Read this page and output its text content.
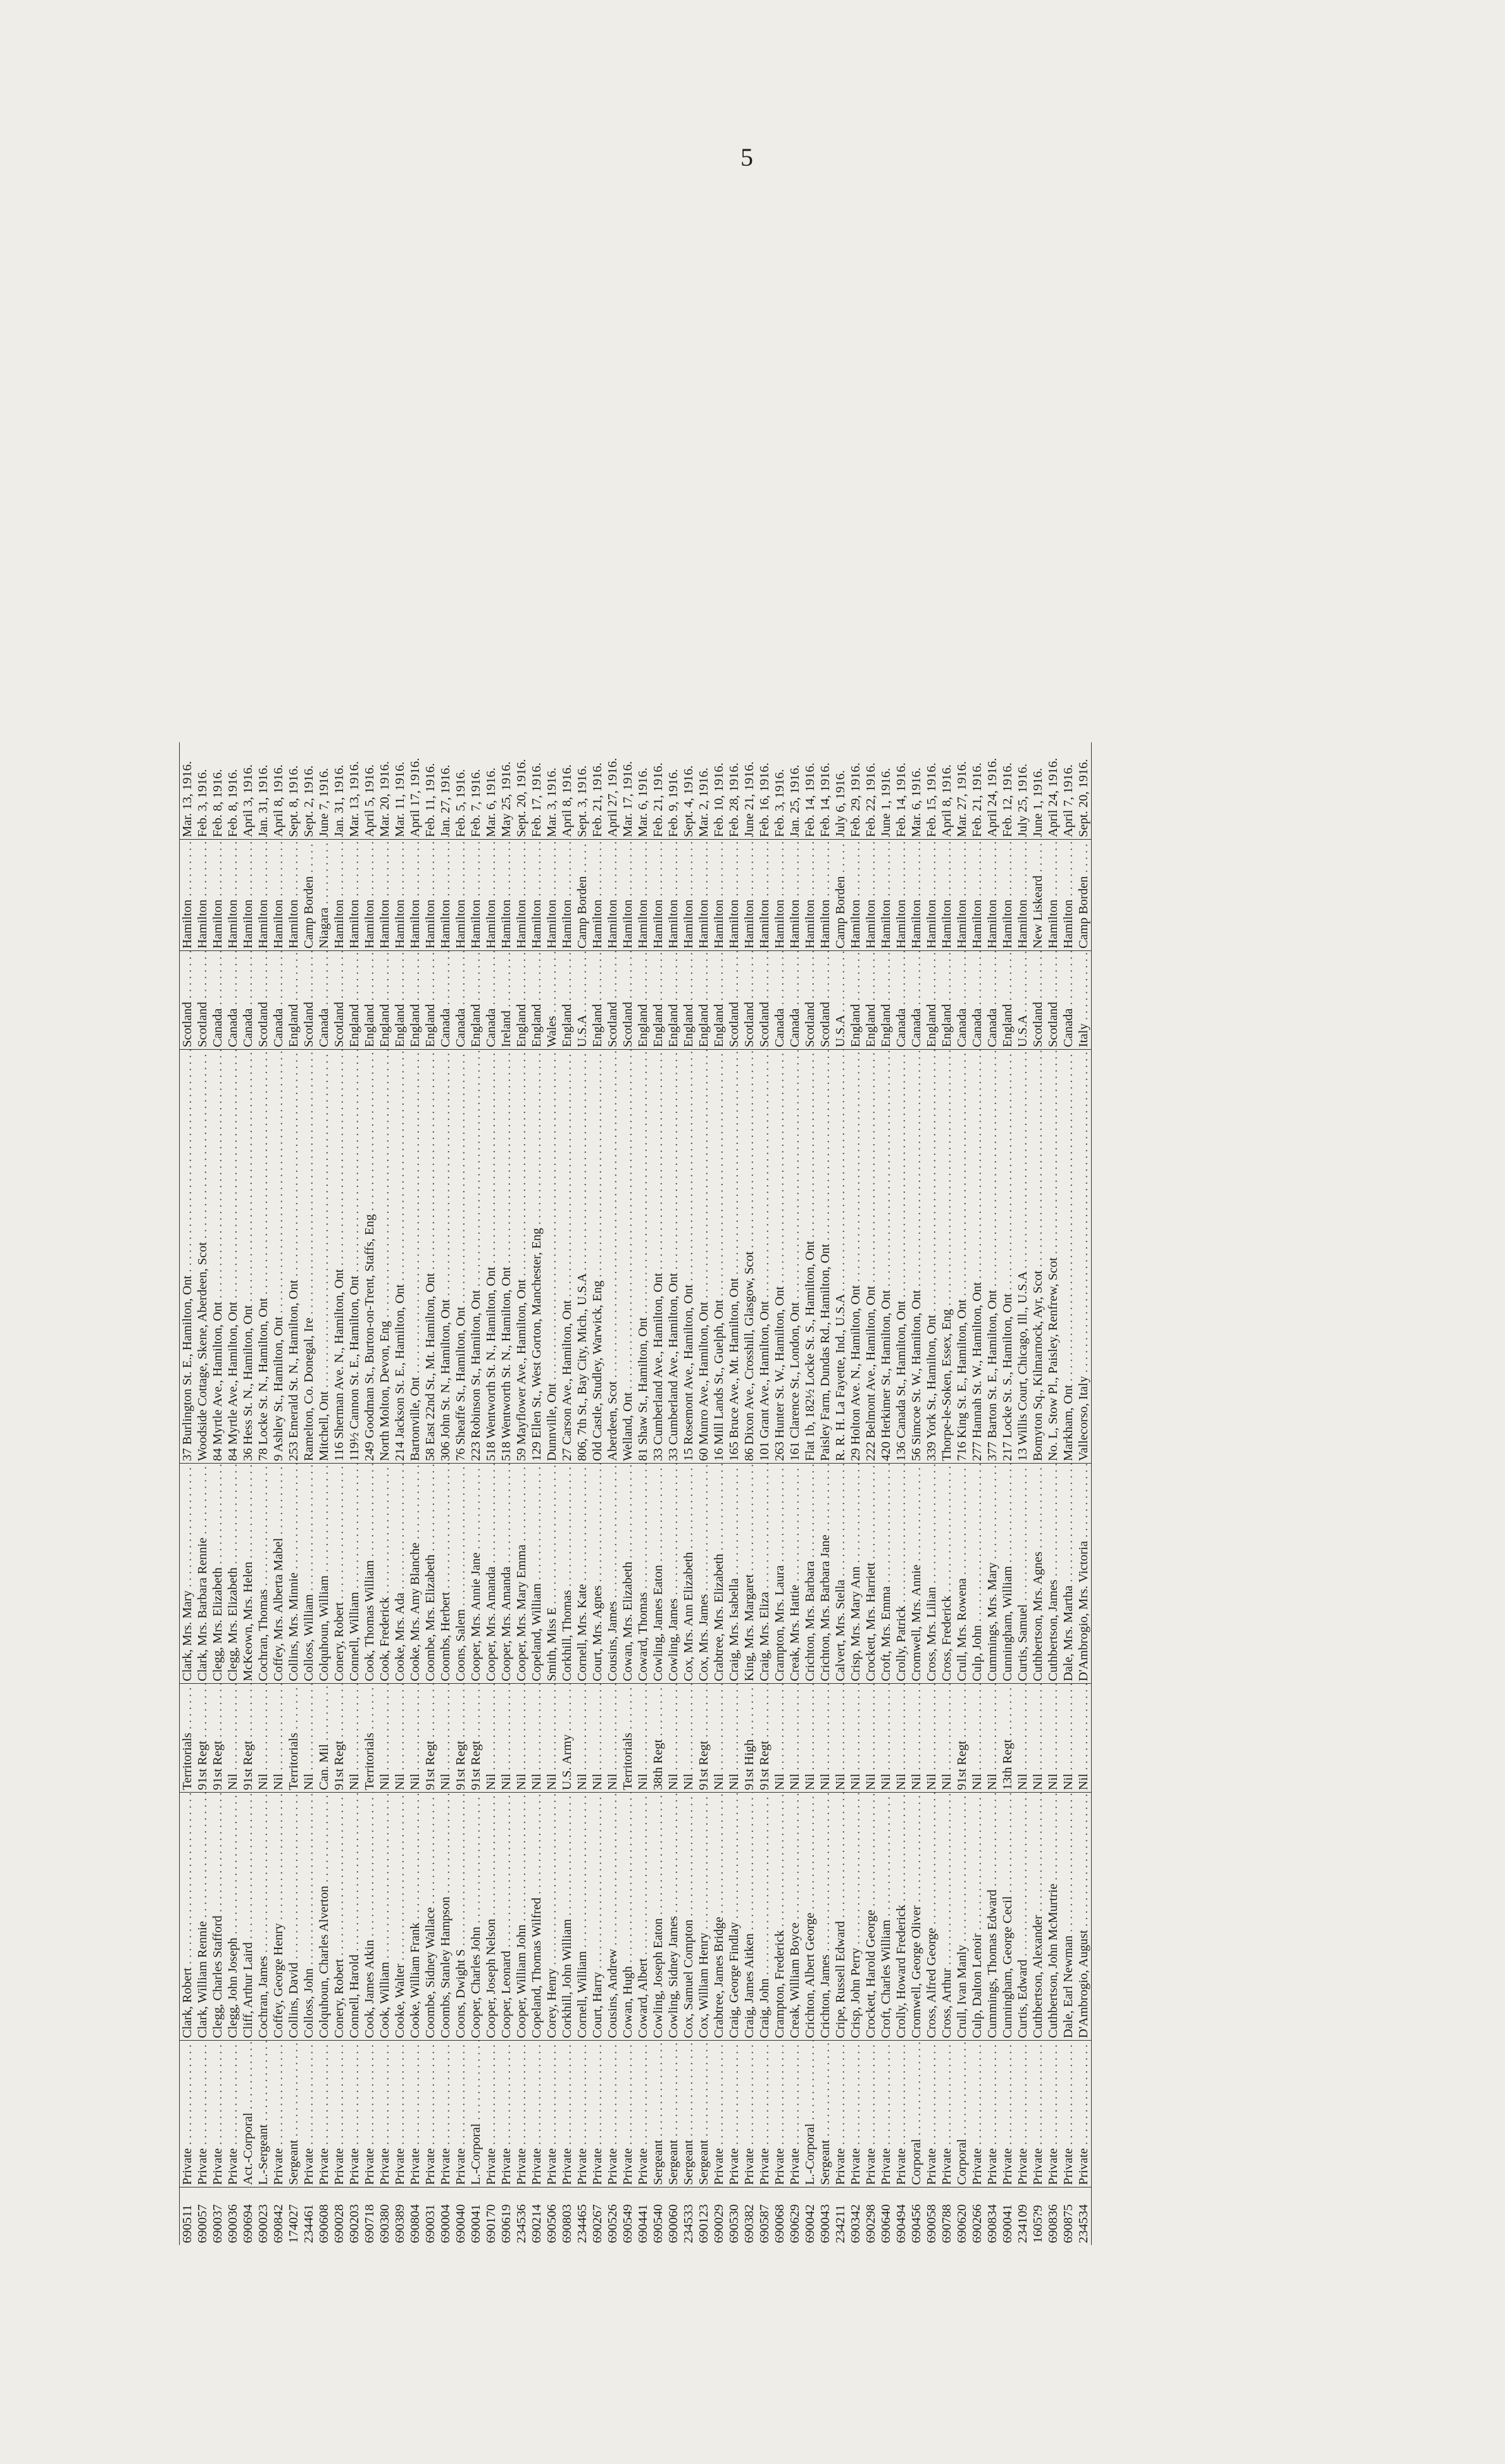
5
690511
Private . . .
Clark, Robert . . .
Territorials . . .
Clark, Mrs. Mary . . .
37 Burlington St. E., Hamilton, Ont . . .
Scotland . . .
Hamilton . . .
Mar. 13, 1916.
690057
Private . . .
Clark, William Rennie . . .
91st Regt . . .
Clark, Mrs. Barbara Rennie . . .
Woodside Cottage, Skene, Aberdeen, Scot . . .
Scotland . . .
Hamilton . . .
Feb. 3, 1916.
690037
Private . . .
Clegg, Charles Stafford . . .
91st Regt . . .
Clegg, Mrs. Elizabeth . . .
84 Myrtle Ave., Hamilton, Ont . . .
Canada . . .
Hamilton . . .
Feb. 8, 1916.
690036
Private . . .
Clegg, John Joseph . . .
Nil . . .
Clegg, Mrs. Elizabeth . . .
84 Myrtle Ave., Hamilton, Ont . . .
Canada . . .
Hamilton . . .
Feb. 8, 1916.
690694
Act.-Corporal . . .
Cliff, Arthur Laird . . .
91st Regt . . .
McKeown, Mrs. Helen . . .
36 Hess St. N., Hamilton, Ont . . .
Canada . . .
Hamilton . . .
April 3, 1916.
690023
L.-Sergeant . . .
Cochran, James . . .
Nil . . .
Cochran, Thomas . . .
78 Locke St. N., Hamilton, Ont . . .
Scotland . . .
Hamilton . . .
Jan. 31, 1916.
690842
Private . . .
Coffey, George Henry . . .
Nil . . .
Coffey, Mrs. Alberta Mabel . . .
9 Ashley St., Hamilton, Ont . . .
Canada . . .
Hamilton . . .
April 8, 1916.
174027
Sergeant . . .
Collins, David . . .
Territorials . . .
Collins, Mrs. Minnie . . .
253 Emerald St. N., Hamilton, Ont . . .
England . . .
Hamilton . . .
Sept. 8, 1916.
234461
Private . . .
Colloss, John . . .
Nil . . .
Colloss, William . . .
Ramelton, Co. Donegal, Ire . . .
Scotland . . .
Camp Borden . . .
Sept. 2, 1916.
690608
Private . . .
Colquhoun, Charles Alverton . . .
Can. Mil . . .
Colquhoun, William . . .
Mitchell, Ont . . .
Canada . . .
Niagara . . .
June 7, 1916.
690028
Private . . .
Conery, Robert . . .
91st Regt . . .
Conery, Robert . . .
116 Sherman Ave. N., Hamilton, Ont . . .
Scotland . . .
Hamilton . . .
Jan. 31, 1916.
690203
Private . . .
Connell, Harold . . .
Nil . . .
Connell, William . . .
119½ Cannon St. E., Hamilton, Ont . . .
England . . .
Hamilton . . .
Mar. 13, 1916.
690718
Private . . .
Cook, James Atkin . . .
Territorials . . .
Cook, Thomas William . . .
249 Goodman St., Burton-on-Trent, Staffs, Eng . . .
England . . .
Hamilton . . .
April 5, 1916.
690380
Private . . .
Cook, William . . .
Nil . . .
Cook, Frederick . . .
North Molton, Devon, Eng . . .
England . . .
Hamilton . . .
Mar. 20, 1916.
690389
Private . . .
Cooke, Walter . . .
Nil . . .
Cooke, Mrs. Ada . . .
214 Jackson St. E., Hamilton, Ont . . .
England . . .
Hamilton . . .
Mar. 11, 1916.
690804
Private . . .
Cooke, William Frank . . .
Nil . . .
Cooke, Mrs. Amy Blanche . . .
Bartonville, Ont . . .
England . . .
Hamilton . . .
April 17, 1916.
690031
Private . . .
Coombe, Sidney Wallace . . .
91st Regt . . .
Coombe, Mrs. Elizabeth . . .
58 East 22nd St., Mt. Hamilton, Ont . . .
England . . .
Hamilton . . .
Feb. 11, 1916.
690004
Private . . .
Coombs, Stanley Hampson . . .
Nil . . .
Coombs, Herbert . . .
306 John St. N., Hamilton, Ont . . .
Canada . . .
Hamilton . . .
Jan. 27, 1916.
690040
Private . . .
Coons, Dwight S . . .
91st Regt . . .
Coons, Salem . . .
76 Sheaffe St., Hamilton, Ont . . .
Canada . . .
Hamilton . . .
Feb. 5, 1916.
690041
L.-Corporal . . .
Cooper, Charles John . . .
91st Regt . . .
Cooper, Mrs. Annie Jane . . .
223 Robinson St., Hamilton, Ont . . .
England . . .
Hamilton . . .
Feb. 7, 1916.
690170
Private . . .
Cooper, Joseph Nelson . . .
Nil . . .
Cooper, Mrs. Amanda . . .
518 Wentworth St. N., Hamilton, Ont . . .
Canada . . .
Hamilton . . .
Mar. 6, 1916.
690619
Private . . .
Cooper, Leonard . . .
Nil . . .
Cooper, Mrs. Amanda . . .
518 Wentworth St. N., Hamilton, Ont . . .
Ireland . . .
Hamilton . . .
May 25, 1916.
234536
Private . . .
Cooper, William John . . .
Nil . . .
Cooper, Mrs. Mary Emma . . .
59 Mayflower Ave., Hamilton, Ont . . .
England . . .
Hamilton . . .
Sept. 20, 1916.
690214
Private . . .
Copeland, Thomas Wilfred . . .
Nil . . .
Copeland, William . . .
129 Ellen St., West Gorton, Manchester, Eng . . .
England . . .
Hamilton . . .
Feb. 17, 1916.
690506
Private . . .
Corey, Henry . . .
Nil . . .
Smith, Miss E . . .
Dunnville, Ont . . .
Wales . . .
Hamilton . . .
Mar. 3, 1916.
690803
Private . . .
Corkhill, John William . . .
U.S. Army . . .
Corkhill, Thomas . . .
27 Carson Ave., Hamilton, Ont . . .
England . . .
Hamilton . . .
April 8, 1916.
234465
Private . . .
Cornell, William . . .
Nil . . .
Cornell, Mrs. Kate . . .
806, 7th St., Bay City, Mich., U.S.A . . .
U.S.A . . .
Camp Borden . . .
Sept. 3, 1916.
690267
Private . . .
Court, Harry . . .
Nil . . .
Court, Mrs. Agnes . . .
Old Castle, Studley, Warwick, Eng . . .
England . . .
Hamilton . . .
Feb. 21, 1916.
690526
Private . . .
Cousins, Andrew . . .
Nil . . .
Cousins, James . . .
Aberdeen, Scot . . .
Scotland . . .
Hamilton . . .
April 27, 1916.
690549
Private . . .
Cowan, Hugh . . .
Territorials . . .
Cowan, Mrs. Elizabeth . . .
Welland, Ont . . .
Scotland . . .
Hamilton . . .
Mar. 17, 1916.
690441
Private . . .
Coward, Albert . . .
Nil . . .
Coward, Thomas . . .
81 Shaw St., Hamilton, Ont . . .
England . . .
Hamilton . . .
Mar. 6, 1916.
690540
Sergeant . . .
Cowling, Joseph Eaton . . .
38th Regt . . .
Cowling, James Eaton . . .
33 Cumberland Ave., Hamilton, Ont . . .
England . . .
Hamilton . . .
Feb. 21, 1916.
690060
Sergeant . . .
Cowling, Sidney James . . .
Nil . . .
Cowling, James . . .
33 Cumberland Ave., Hamilton, Ont . . .
England . . .
Hamilton . . .
Feb. 9, 1916.
234533
Sergeant . . .
Cox, Samuel Compton . . .
Nil . . .
Cox, Mrs. Ann Elizabeth . . .
15 Rosemont Ave., Hamilton, Ont . . .
England . . .
Hamilton . . .
Sept. 4, 1916.
690123
Sergeant . . .
Cox, William Henry . . .
91st Regt . . .
Cox, Mrs. James . . .
60 Munro Ave., Hamilton, Ont . . .
England . . .
Hamilton . . .
Mar. 2, 1916.
690029
Private . . .
Crabtree, James Bridge . . .
Nil . . .
Crabtree, Mrs. Elizabeth . . .
16 Mill Lands St., Guelph, Ont . . .
England . . .
Hamilton . . .
Feb. 10, 1916.
690530
Private . . .
Craig, George Findlay . . .
Nil . . .
Craig, Mrs. Isabella . . .
165 Bruce Ave., Mt. Hamilton, Ont . . .
Scotland . . .
Hamilton . . .
Feb. 28, 1916.
690382
Private . . .
Craig, James Aitken . . .
91st High . . .
King, Mrs. Margaret . . .
86 Dixon Ave., Crosshill, Glasgow, Scot . . .
Scotland . . .
Hamilton . . .
June 21, 1916.
690587
Private . . .
Craig, John . . .
91st Regt . . .
Craig, Mrs. Eliza . . .
101 Grant Ave., Hamilton, Ont . . .
Scotland . . .
Hamilton . . .
Feb. 16, 1916.
690068
Private . . .
Crampton, Frederick . . .
Nil . . .
Crampton, Mrs. Laura . . .
263 Hunter St. W., Hamilton, Ont . . .
Canada . . .
Hamilton . . .
Feb. 3, 1916.
690629
Private . . .
Creak, William Boyce . . .
Nil . . .
Creak, Mrs. Hattie . . .
161 Clarence St., London, Ont . . .
Canada . . .
Hamilton . . .
Jan. 25, 1916.
690042
L.-Corporal . . .
Crichton, Albert George . . .
Nil . . .
Crichton, Mrs. Barbara . . .
Flat 1b, 182½ Locke St. S., Hamilton, Ont . . .
Scotland . . .
Hamilton . . .
Feb. 14, 1916.
690043
Sergeant . . .
Crichton, James . . .
Nil . . .
Crichton, Mrs. Barbara Jane . . .
Paisley Farm, Dundas Rd., Hamilton, Ont . . .
Scotland . . .
Hamilton . . .
Feb. 14, 1916.
234211
Private . . .
Cripe, Russell Edward . . .
Nil . . .
Calvert, Mrs. Stella . . .
R. R. H. La Fayette, Ind., U.S.A . . .
U.S.A . . .
Camp Borden . . .
July 6, 1916.
690342
Private . . .
Crisp, John Perry . . .
Nil . . .
Crisp, Mrs. Mary Ann . . .
29 Holton Ave. N., Hamilton, Ont . . .
England . . .
Hamilton . . .
Feb. 29, 1916.
690298
Private . . .
Crockett, Harold George . . .
Nil . . .
Crockett, Mrs. Harriett . . .
222 Belmont Ave., Hamilton, Ont . . .
England . . .
Hamilton . . .
Feb. 22, 1916.
690640
Private . . .
Croft, Charles William . . .
Nil . . .
Croft, Mrs. Emma . . .
420 Herkimer St., Hamilton, Ont . . .
England . . .
Hamilton . . .
June 1, 1916.
690494
Private . . .
Crolly, Howard Frederick . . .
Nil . . .
Crolly, Patrick . . .
136 Canada St., Hamilton, Ont . . .
Canada . . .
Hamilton . . .
Feb. 14, 1916.
690456
Corporal . . .
Cromwell, George Oliver . . .
Nil . . .
Cromwell, Mrs. Annie . . .
56 Simcoe St. W., Hamilton, Ont . . .
Canada . . .
Hamilton . . .
Mar. 6, 1916.
690058
Private . . .
Cross, Alfred George . . .
Nil . . .
Cross, Mrs. Lilian . . .
339 York St., Hamilton, Ont . . .
England . . .
Hamilton . . .
Feb. 15, 1916.
690788
Private . . .
Cross, Arthur . . .
Nil . . .
Cross, Frederick . . .
Thorpe-le-Soken, Essex, Eng . . .
England . . .
Hamilton . . .
April 8, 1916.
690620
Corporal . . .
Crull, Ivan Manly . . .
91st Regt . . .
Crull, Mrs. Rowena . . .
716 King St. E., Hamilton, Ont . . .
Canada . . .
Hamilton . . .
Mar. 27, 1916.
690266
Private . . .
Culp, Dalton Lenoir . . .
Nil . . .
Culp, John . . .
277 Hannah St. W., Hamilton, Ont . . .
Canada . . .
Hamilton . . .
Feb. 21, 1916.
690834
Private . . .
Cummings, Thomas Edward . . .
Nil . . .
Cummings, Mrs. Mary . . .
377 Barton St. E., Hamilton, Ont . . .
Canada . . .
Hamilton . . .
April 24, 1916.
690041
Private . . .
Cunningham, George Cecil . . .
13th Regt . . .
Cunningham, William . . .
217 Locke St. S., Hamilton, Ont . . .
England . . .
Hamilton . . .
Feb. 12, 1916.
234109
Private . . .
Curtis, Edward . . .
Nil . . .
Curtis, Samuel . . .
13 Willis Court, Chicago, Ill., U.S.A . . .
U.S.A . . .
Hamilton . . .
July 25, 1916.
1605?9
Private . . .
Cuthbertson, Alexander . . .
Nil . . .
Cuthbertson, Mrs. Agnes . . .
Bomyton Sq., Kilmarnock, Ayr, Scot . . .
Scotland . . .
New Liskeard . . .
June 1, 1916.
690836
Private . . .
Cuthbertson, John McMurtrie . . .
Nil . . .
Cuthbertson, James . . .
No. L, Stow Pl., Paisley, Renfrew, Scot . . .
Scotland . . .
Hamilton . . .
April 24, 1916.
690875
Private . . .
Dale, Earl Newman . . .
Nil . . .
Dale, Mrs. Martha . . .
Markham, Ont . . .
Canada . . .
Hamilton . . .
April 7, 1916.
234534
Private . . .
D'Ambrogio, August . . .
Nil . . .
D'Ambrogio, Mrs. Victoria . . .
Vallecorso, Italy . . .
Italy . . .
Camp Borden . . .
Sept. 20, 1916.
